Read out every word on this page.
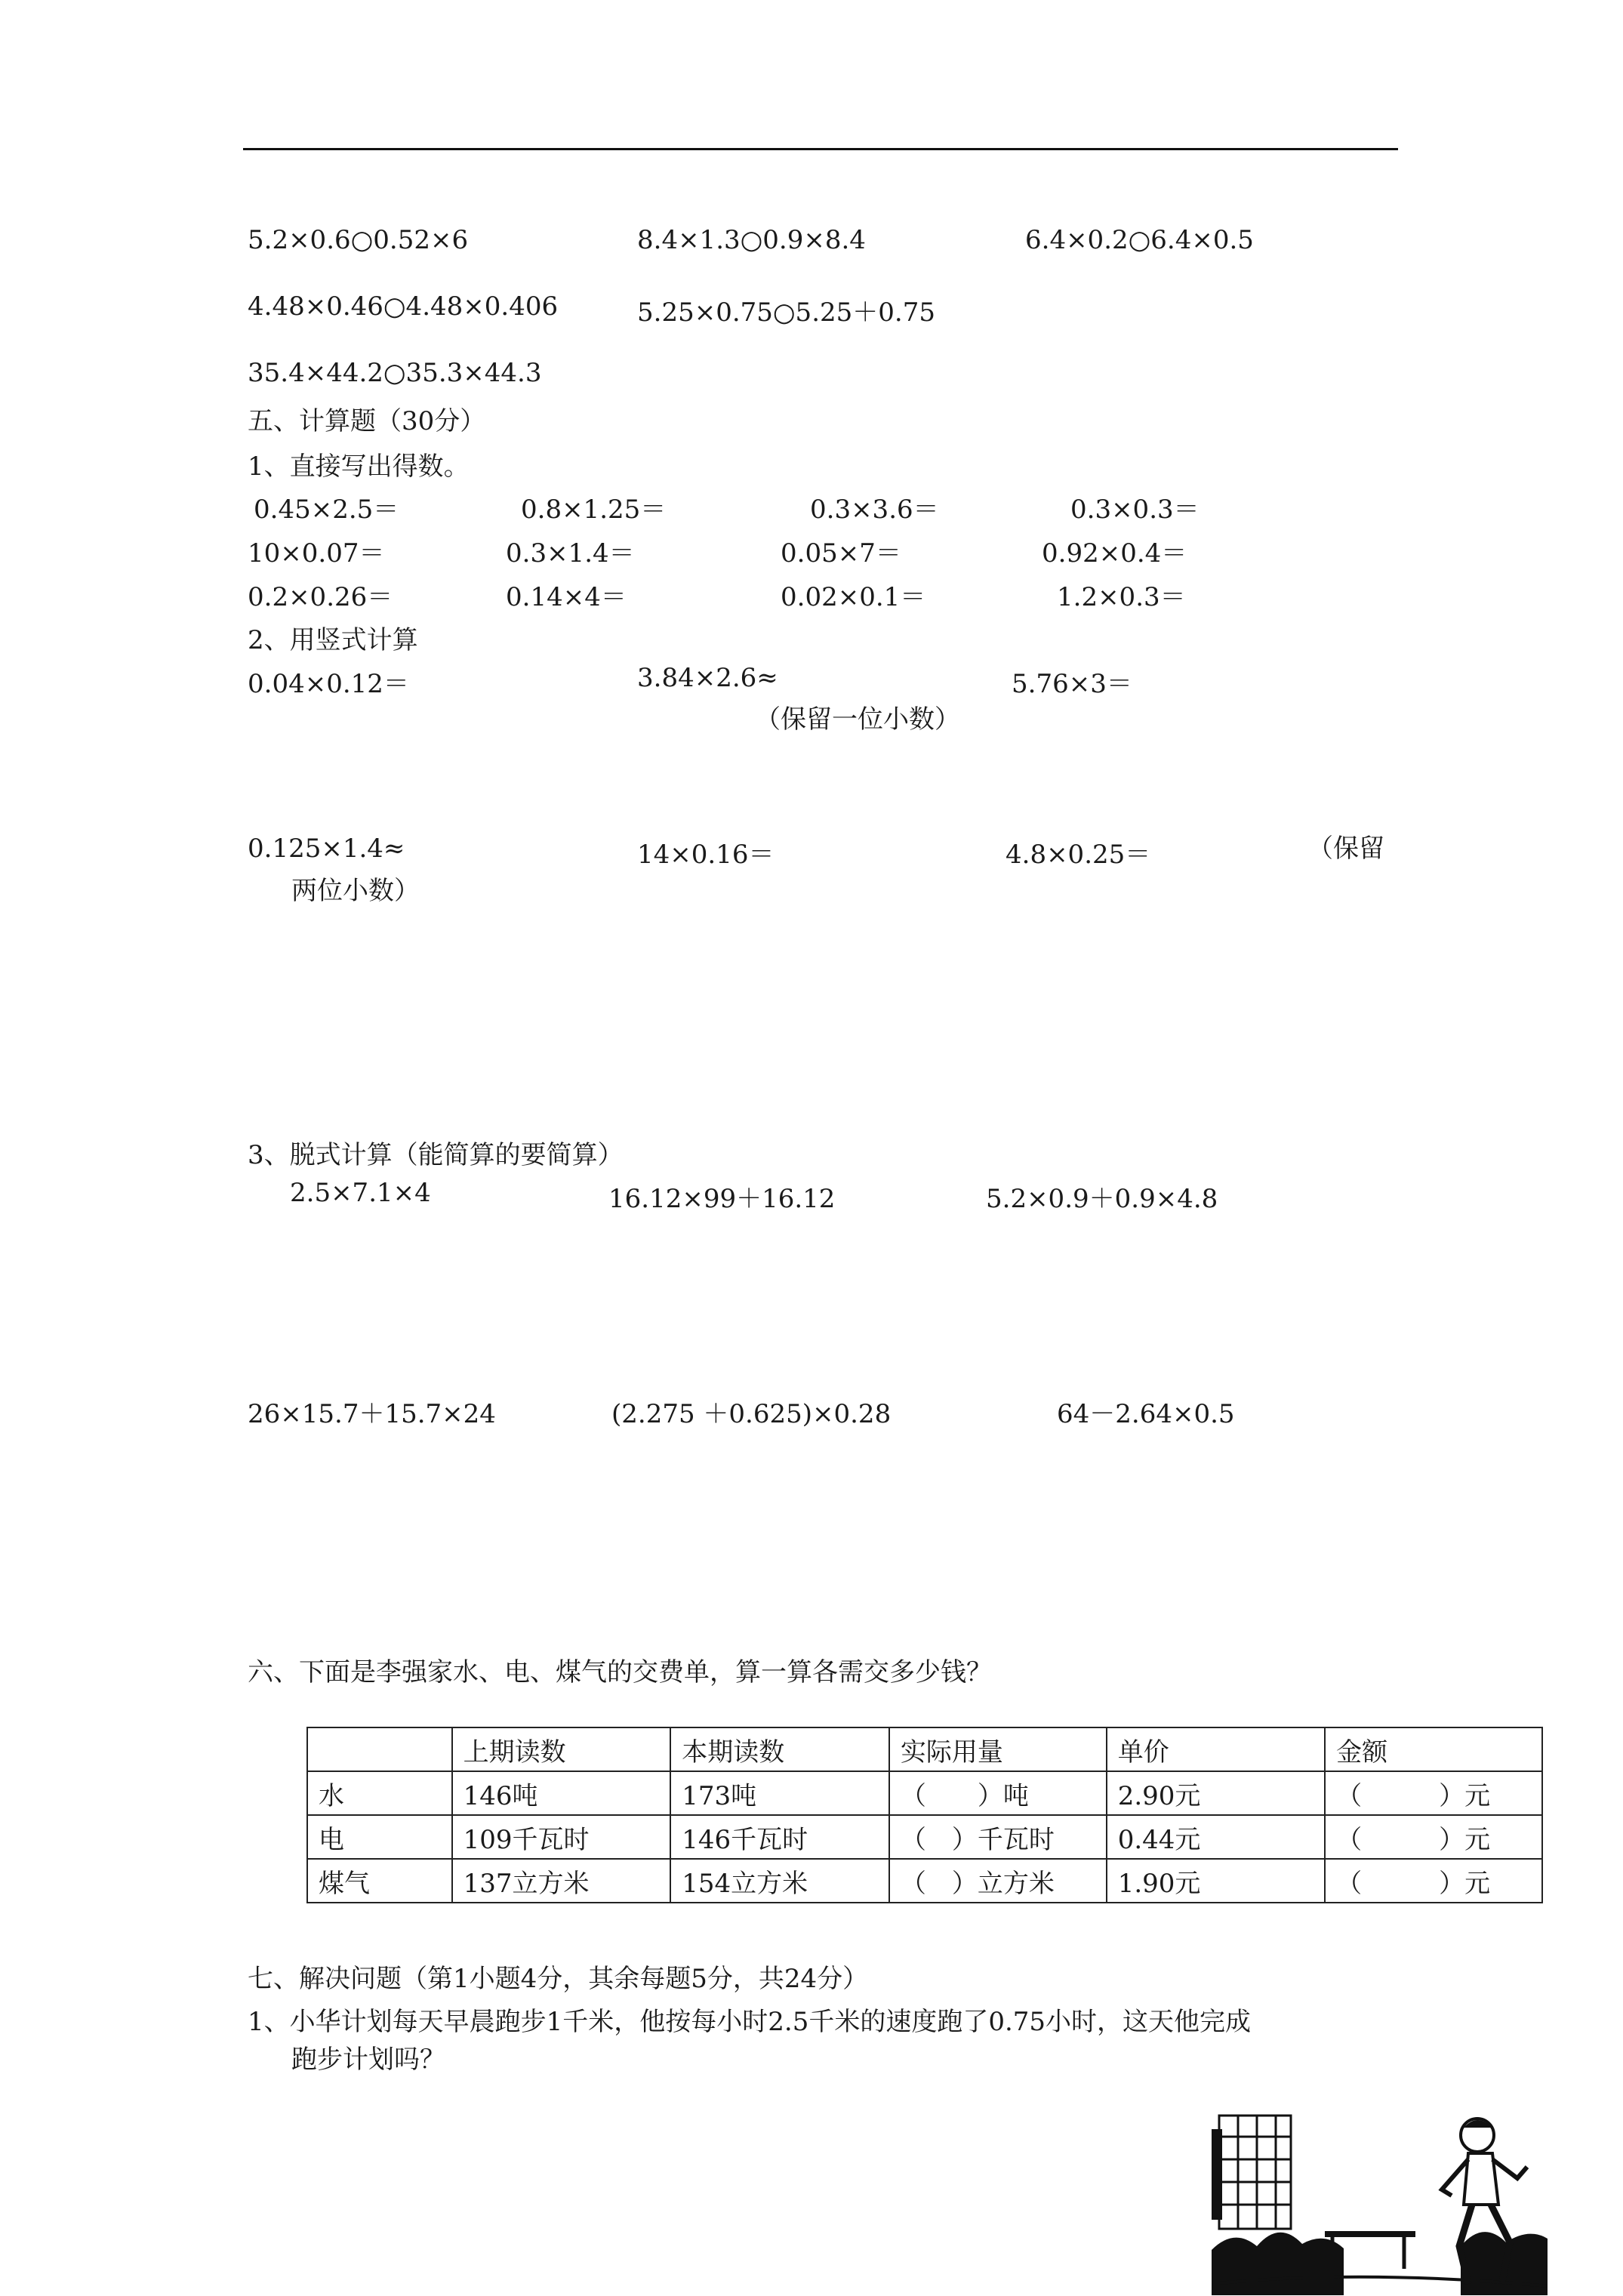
5.2×0.6○0.52×6	8.4×1.3○0.9×8.4	6.4×0.2○6.4×0.5
4.48×0.46○4.48×0.406	5.25×0.75○5.25＋0.75
35.4×44.2○35.3×44.3
五、计算题（30分）
1、直接写出得数。
0.45×2.5＝	0.8×1.25＝	0.3×3.6＝	0.3×0.3＝
10×0.07＝	0.3×1.4＝	0.05×7＝	0.92×0.4＝
0.2×0.26＝	0.14×4＝	0.02×0.1＝	1.2×0.3＝
2、用竖式计算
0.04×0.12＝	3.84×2.6≈	5.76×3＝
（保留一位小数）
0.125×1.4≈	14×0.16＝	4.8×0.25＝	（保留
两位小数）
3、脱式计算（能简算的要简算）
2.5×7.1×4	16.12×99＋16.12	5.2×0.9＋0.9×4.8
26×15.7＋15.7×24	(2.275 ＋0.625)×0.28	64－2.64×0.5
六、下面是李强家水、电、煤气的交费单，算一算各需交多少钱？
	上期读数	本期读数	实际用量	单价	金额
水	146吨	173吨	（　　）吨	2.90元	（　　　）元
电	109千瓦时	146千瓦时	（　）千瓦时	0.44元	（　　　）元
煤气	137立方米	154立方米	（　）立方米	1.90元	（　　　）元
七、解决问题（第1小题4分，其余每题5分，共24分）
1、小华计划每天早晨跑步1千米，他按每小时2.5千米的速度跑了0.75小时，这天他完成
跑步计划吗？
